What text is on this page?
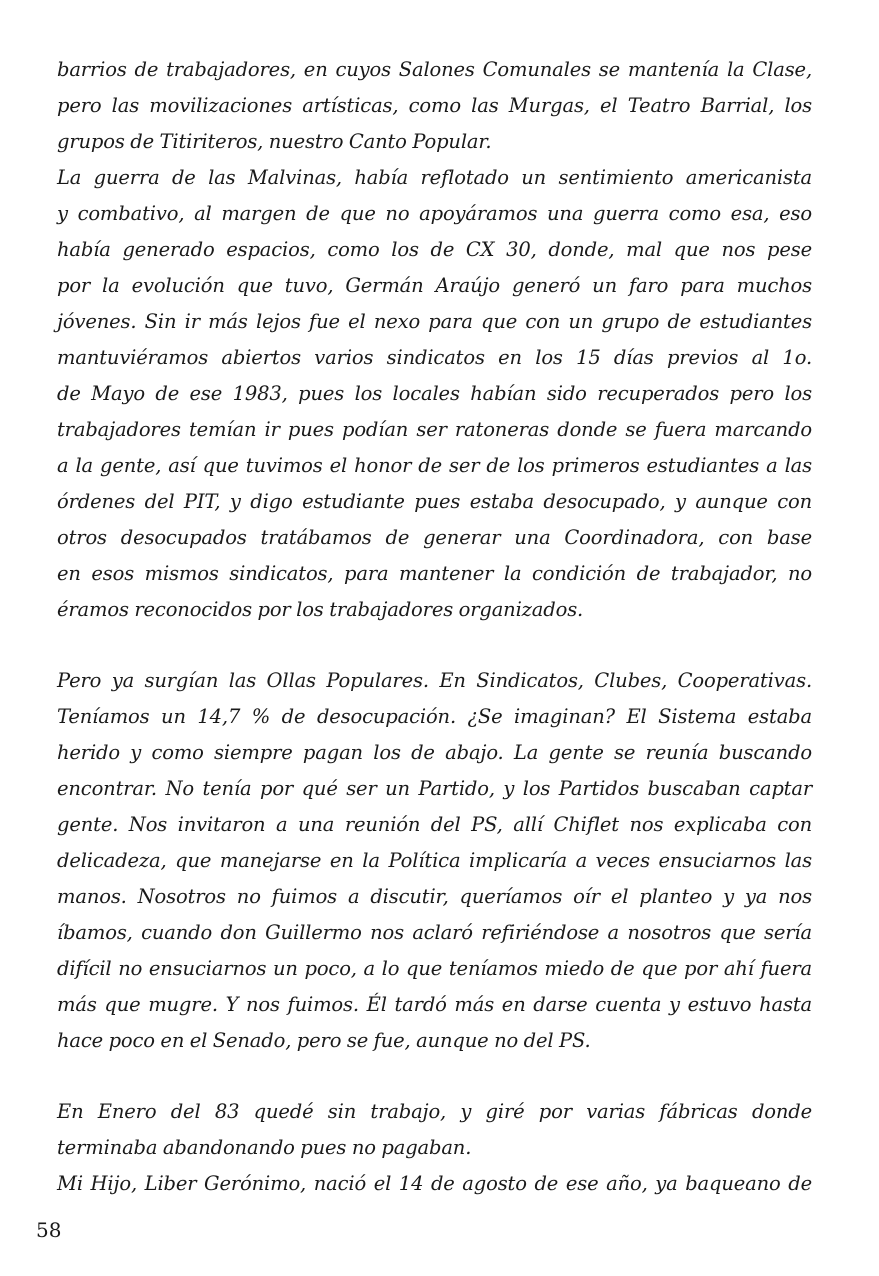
barrios de trabajadores, en cuyos Salones Comunales se mantenía la Clase,
pero las movilizaciones artísticas, como las Murgas, el Teatro Barrial, los
grupos de Titiriteros, nuestro Canto Popular.
La guerra de las Malvinas, había reflotado un sentimiento americanista
y combativo, al margen de que no apoyáramos una guerra como esa, eso
había generado espacios, como los de CX 30, donde, mal que nos pese
por la evolución que tuvo, Germán Araújo generó un faro para muchos
jóvenes. Sin ir más lejos fue el nexo para que con un grupo de estudiantes
mantuviéramos abiertos varios sindicatos en los 15 días previos al 1o.
de Mayo de ese 1983, pues los locales habían sido recuperados pero los
trabajadores temían ir pues podían ser ratoneras donde se fuera marcando
a la gente, así que tuvimos el honor de ser de los primeros estudiantes a las
órdenes del PIT, y digo estudiante pues estaba desocupado, y aunque con
otros desocupados tratábamos de generar una Coordinadora, con base
en esos mismos sindicatos, para mantener la condición de trabajador, no
éramos reconocidos por los trabajadores organizados.
Pero ya surgían las Ollas Populares. En Sindicatos, Clubes, Cooperativas.
Teníamos un 14,7 % de desocupación. ¿Se imaginan? El Sistema estaba
herido y como siempre pagan los de abajo. La gente se reunía buscando
encontrar. No tenía por qué ser un Partido, y los Partidos buscaban captar
gente. Nos invitaron a una reunión del PS, allí Chiflet nos explicaba con
delicadeza, que manejarse en la Política implicaría a veces ensuciarnos las
manos. Nosotros no fuimos a discutir, queríamos oír el planteo y ya nos
íbamos, cuando don Guillermo nos aclaró refiriéndose a nosotros que sería
difícil no ensuciarnos un poco, a lo que teníamos miedo de que por ahí fuera
más que mugre. Y nos fuimos. Él tardó más en darse cuenta y estuvo hasta
hace poco en el Senado, pero se fue, aunque no del PS.
En Enero del 83 quedé sin trabajo, y giré por varias fábricas donde
terminaba abandonando pues no pagaban.
Mi Hijo, Liber Gerónimo, nació el 14 de agosto de ese año, ya baqueano de
58
